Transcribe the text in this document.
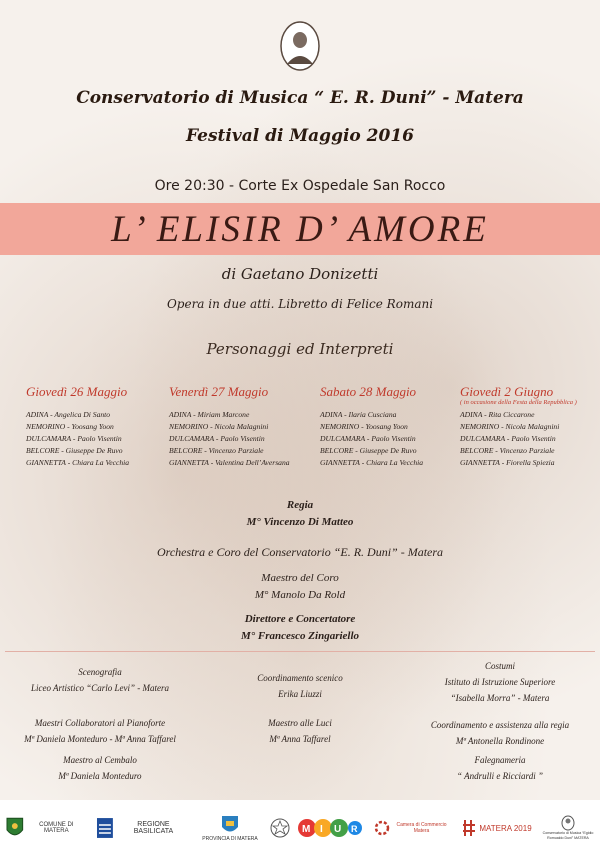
Conservatorio di Musica “ E. R. Duni” - Matera
Festival di Maggio 2016
Ore 20:30 - Corte Ex Ospedale San Rocco
L’ ELISIR D’ AMORE
di Gaetano Donizetti
Opera in due atti. Libretto di Felice Romani
Personaggi ed Interpreti
Giovedì 26 Maggio
ADINA - Angelica Di Santo
NEMORINO - Yoosang Yoon
DULCAMARA - Paolo Visentin
BELCORE - Giuseppe De Ruvo
GIANNETTA - Chiara La Vecchia
Venerdì 27 Maggio
ADINA - Miriam Marcone
NEMORINO - Nicola Malagnini
DULCAMARA - Paolo Visentin
BELCORE - Vincenzo Parziale
GIANNETTA - Valentina Dell’Aversana
Sabato 28 Maggio
ADINA - Ilaria Cusciana
NEMORINO - Yoosang Yoon
DULCAMARA - Paolo Visentin
BELCORE - Giuseppe De Ruvo
GIANNETTA - Chiara La Vecchia
Giovedì 2 Giugno
( in occasione della Festa della Repubblica )
ADINA - Rita Ciccarone
NEMORINO - Nicola Malagnini
DULCAMARA - Paolo Visentin
BELCORE - Vincenzo Parziale
GIANNETTA - Fiorella Spiezia
Regia
M° Vincenzo Di Matteo
Orchestra e Coro del Conservatorio “E. R. Duni” - Matera
Maestro del Coro
M° Manolo Da Rold
Direttore e Concertatore
M° Francesco Zingariello
Scenografia
Liceo Artistico “Carlo Levi” - Matera
Coordinamento scenico
Erika Liuzzi
Costumi
Istituto di Istruzione Superiore
“Isabella Morra” - Matera
Maestri Collaboratori al Pianoforte
Mª Daniela Monteduro - Mª Anna Taffarel
Maestro alle Luci
Mª Anna Taffarel
Coordinamento e assistenza alla regia
Mª Antonella Rondinone
Maestro al Cembalo
Mª Daniela Monteduro
Falegnameria
“ Andrulli e Ricciardi ”
COMUNE DI MATERA
REGIONE BASILICATA
PROVINCIA DI MATERA
M I U R	Camera di Commercio Matera	MATERA 2019
Conservatorio di Musica “Egidio Romualdo Duni” MATERA
